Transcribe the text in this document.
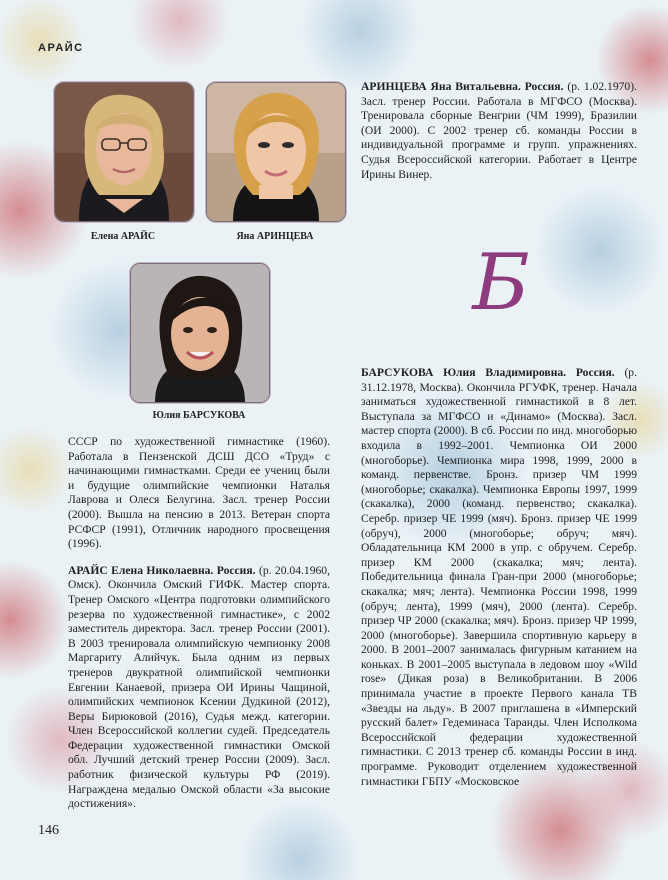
АРАЙС
Елена АРАЙС	Яна АРИНЦЕВА

АРИНЦЕВА Яна Витальевна. Россия. (р. 1.02.1970). Засл. тренер России. Работала в МГФСО (Москва). Тренировала сборные Венгрии (ЧМ 1999), Бразилии (ОИ 2000). С 2002 тренер сб. команды России в индивидуальной программе и групп. упражнениях. Судья Всероссийской категории. Работает в Центре Ирины Винер.

Б
Юлия БАРСУКОВА

СССР по художественной гимнастике (1960). Работала в Пензенской ДСШ ДСО «Труд» с начинающими гимнастками. Среди ее учениц были и будущие олимпийские чемпионки Наталья Лаврова и Олеся Белугина. Засл. тренер России (2000). Вышла на пенсию в 2013. Ветеран спорта РСФСР (1991), Отличник народного просвещения (1996).

АРАЙС Елена Николаевна. Россия. (р. 20.04.1960, Омск). Окончила Омский ГИФК. Мастер спорта. Тренер Омского «Центра подготовки олимпийского резерва по художественной гимнастике», с 2002 заместитель директора. Засл. тренер России (2001). В 2003 тренировала олимпийскую чемпионку 2008 Маргариту Алийчук. Была одним из первых тренеров двукратной олимпийской чемпионки Евгении Канаевой, призера ОИ Ирины Чащиной, олимпийских чемпионок Ксении Дудкиной (2012), Веры Бирюковой (2016), Судья межд. категории. Член Всероссийской коллегии судей. Председатель Федерации художественной гимнастики Омской обл. Лучший детский тренер России (2009). Засл. работник физической культуры РФ (2019). Награждена медалью Омской области «За высокие достижения».

БАРСУКОВА Юлия Владимировна. Россия. (р. 31.12.1978, Москва). Окончила РГУФК, тренер. Начала заниматься художественной гимнастикой в 8 лет. Выступала за МГФСО и «Динамо» (Москва). Засл. мастер спорта (2000). В сб. России по инд. многоборью входила в 1992–2001. Чемпионка ОИ 2000 (многоборье). Чемпионка мира 1998, 1999, 2000 в команд. первенстве. Бронз. призер ЧМ 1999 (многоборье; скакалка). Чемпионка Европы 1997, 1999 (скакалка), 2000 (команд. первенство; скакалка). Серебр. призер ЧЕ 1999 (мяч). Бронз. призер ЧЕ 1999 (обруч), 2000 (многоборье; обруч; мяч). Обладательница КМ 2000 в упр. с обручем. Серебр. призер КМ 2000 (скакалка; мяч; лента). Победительница финала Гран-при 2000 (многоборье; скакалка; мяч; лента). Чемпионка России 1998, 1999 (обруч; лента), 1999 (мяч), 2000 (лента). Серебр. призер ЧР 2000 (скакалка; мяч). Бронз. призер ЧР 1999, 2000 (многоборье). Завершила спортивную карьеру в 2000. В 2001–2007 занималась фигурным катанием на коньках. В 2001–2005 выступала в ледовом шоу «Wild rose» (Дикая роза) в Великобритании. В 2006 принимала участие в проекте Первого канала ТВ «Звезды на льду». В 2007 приглашена в «Имперский русский балет» Гедеминаса Таранды. Член Исполкома Всероссийской федерации художественной гимнастики. С 2013 тренер сб. команды России в инд. программе. Руководит отделением художественной гимнастики ГБПУ «Московское

146
